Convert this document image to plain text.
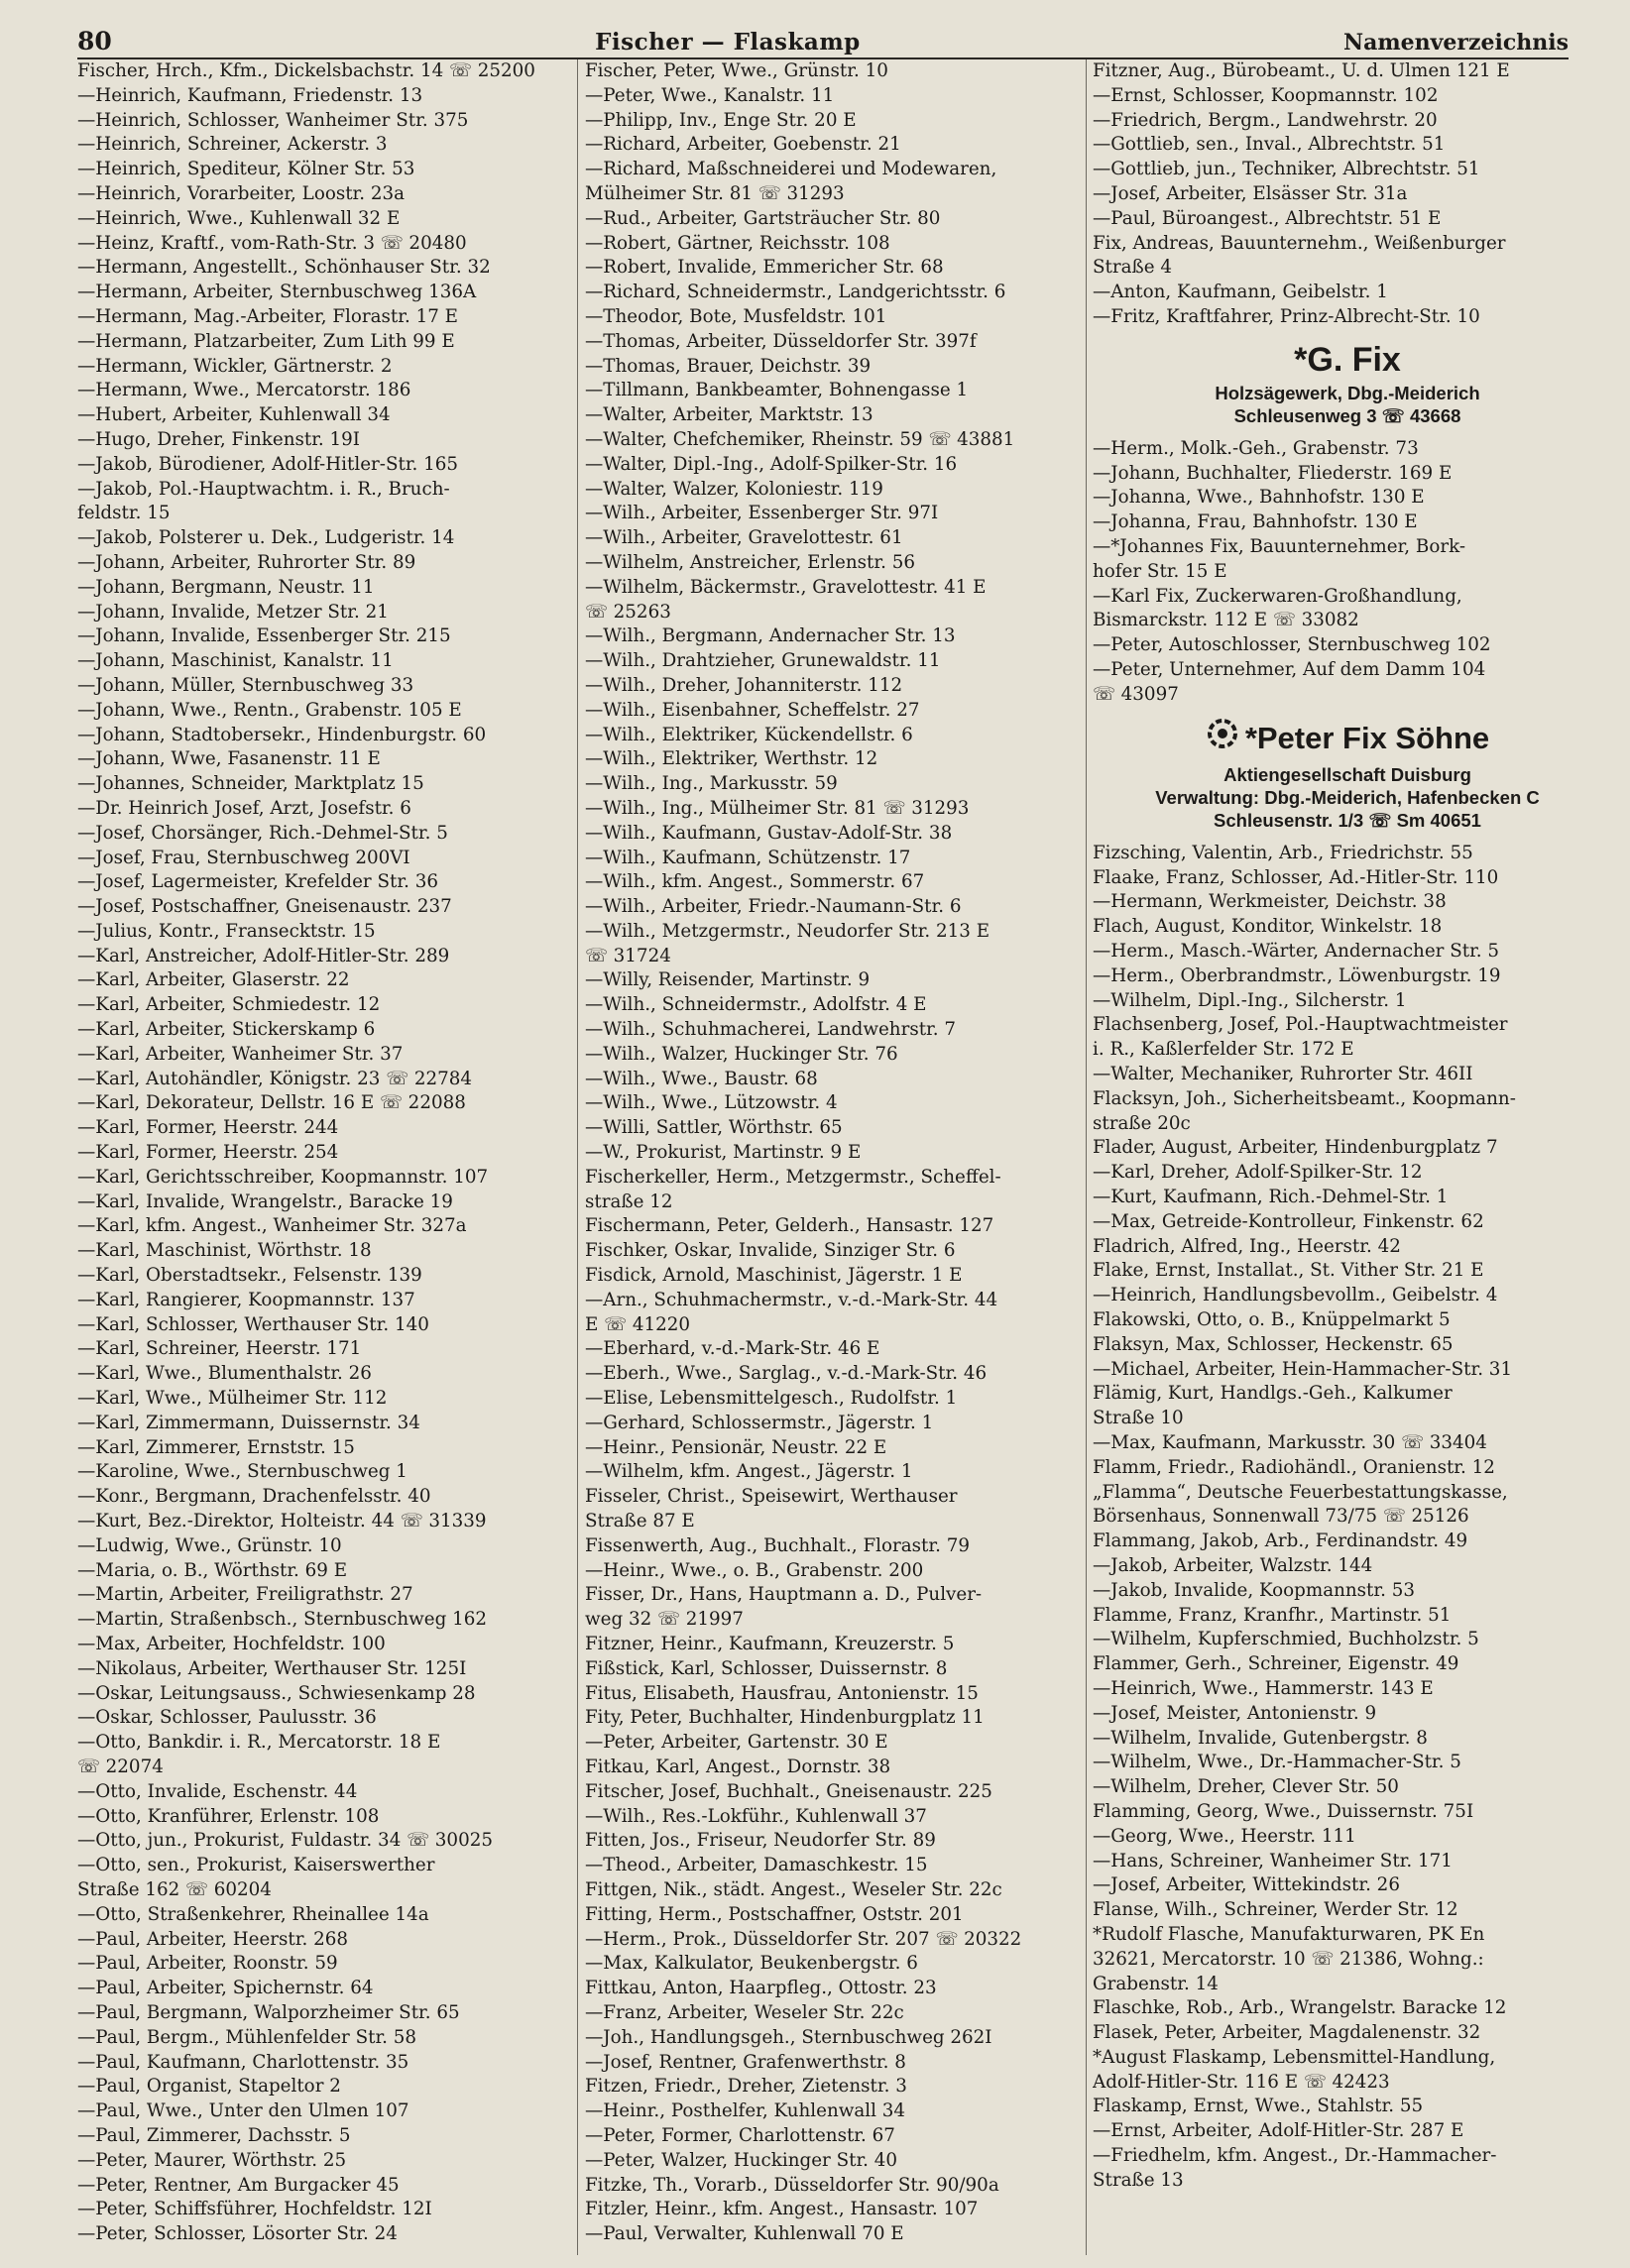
80	Fischer — Flaskamp	Namenverzeichnis
Fischer, Hrch., Kfm., Dickelsbachstr. 14 ☏ 25200
—Heinrich, Kaufmann, Friedenstr. 13
—Heinrich, Schlosser, Wanheimer Str. 375
—Heinrich, Schreiner, Ackerstr. 3
—Heinrich, Spediteur, Kölner Str. 53
—Heinrich, Vorarbeiter, Loostr. 23a
—Heinrich, Wwe., Kuhlenwall 32 E
—Heinz, Kraftf., vom-Rath-Str. 3 ☏ 20480
—Hermann, Angestellt., Schönhauser Str. 32
—Hermann, Arbeiter, Sternbuschweg 136A
—Hermann, Mag.-Arbeiter, Florastr. 17 E
—Hermann, Platzarbeiter, Zum Lith 99 E
—Hermann, Wickler, Gärtnerstr. 2
—Hermann, Wwe., Mercatorstr. 186
—Hubert, Arbeiter, Kuhlenwall 34
—Hugo, Dreher, Finkenstr. 19I
—Jakob, Bürodiener, Adolf-Hitler-Str. 165
—Jakob, Pol.-Hauptwachtm. i. R., Bruch-
feldstr. 15
—Jakob, Polsterer u. Dek., Ludgeristr. 14
—Johann, Arbeiter, Ruhrorter Str. 89
—Johann, Bergmann, Neustr. 11
—Johann, Invalide, Metzer Str. 21
—Johann, Invalide, Essenberger Str. 215
—Johann, Maschinist, Kanalstr. 11
—Johann, Müller, Sternbuschweg 33
—Johann, Wwe., Rentn., Grabenstr. 105 E
—Johann, Stadtobersekr., Hindenburgstr. 60
—Johann, Wwe, Fasanenstr. 11 E
—Johannes, Schneider, Marktplatz 15
—Dr. Heinrich Josef, Arzt, Josefstr. 6
—Josef, Chorsänger, Rich.-Dehmel-Str. 5
—Josef, Frau, Sternbuschweg 200VI
—Josef, Lagermeister, Krefelder Str. 36
—Josef, Postschaffner, Gneisenaustr. 237
—Julius, Kontr., Fransecktstr. 15
—Karl, Anstreicher, Adolf-Hitler-Str. 289
—Karl, Arbeiter, Glaserstr. 22
—Karl, Arbeiter, Schmiedestr. 12
—Karl, Arbeiter, Stickerskamp 6
—Karl, Arbeiter, Wanheimer Str. 37
—Karl, Autohändler, Königstr. 23 ☏ 22784
—Karl, Dekorateur, Dellstr. 16 E ☏ 22088
—Karl, Former, Heerstr. 244
—Karl, Former, Heerstr. 254
—Karl, Gerichtsschreiber, Koopmannstr. 107
—Karl, Invalide, Wrangelstr., Baracke 19
—Karl, kfm. Angest., Wanheimer Str. 327a
—Karl, Maschinist, Wörthstr. 18
—Karl, Oberstadtsekr., Felsenstr. 139
—Karl, Rangierer, Koopmannstr. 137
—Karl, Schlosser, Werthauser Str. 140
—Karl, Schreiner, Heerstr. 171
—Karl, Wwe., Blumenthalstr. 26
—Karl, Wwe., Mülheimer Str. 112
—Karl, Zimmermann, Duissernstr. 34
—Karl, Zimmerer, Ernststr. 15
—Karoline, Wwe., Sternbuschweg 1
—Konr., Bergmann, Drachenfelsstr. 40
—Kurt, Bez.-Direktor, Holteistr. 44 ☏ 31339
—Ludwig, Wwe., Grünstr. 10
—Maria, o. B., Wörthstr. 69 E
—Martin, Arbeiter, Freiligrathstr. 27
—Martin, Straßenbsch., Sternbuschweg 162
—Max, Arbeiter, Hochfeldstr. 100
—Nikolaus, Arbeiter, Werthauser Str. 125I
—Oskar, Leitungsauss., Schwiesenkamp 28
—Oskar, Schlosser, Paulusstr. 36
—Otto, Bankdir. i. R., Mercatorstr. 18 E
☏ 22074
—Otto, Invalide, Eschenstr. 44
—Otto, Kranführer, Erlenstr. 108
—Otto, jun., Prokurist, Fuldastr. 34 ☏ 30025
—Otto, sen., Prokurist, Kaiserswerther
Straße 162 ☏ 60204
—Otto, Straßenkehrer, Rheinallee 14a
—Paul, Arbeiter, Heerstr. 268
—Paul, Arbeiter, Roonstr. 59
—Paul, Arbeiter, Spichernstr. 64
—Paul, Bergmann, Walporzheimer Str. 65
—Paul, Bergm., Mühlenfelder Str. 58
—Paul, Kaufmann, Charlottenstr. 35
—Paul, Organist, Stapeltor 2
—Paul, Wwe., Unter den Ulmen 107
—Paul, Zimmerer, Dachsstr. 5
—Peter, Maurer, Wörthstr. 25
—Peter, Rentner, Am Burgacker 45
—Peter, Schiffsführer, Hochfeldstr. 12I
—Peter, Schlosser, Lösorter Str. 24
Fischer, Peter, Wwe., Grünstr. 10
—Peter, Wwe., Kanalstr. 11
—Philipp, Inv., Enge Str. 20 E
—Richard, Arbeiter, Goebenstr. 21
—Richard, Maßschneiderei und Modewaren,
Mülheimer Str. 81 ☏ 31293
—Rud., Arbeiter, Gartsträucher Str. 80
—Robert, Gärtner, Reichsstr. 108
—Robert, Invalide, Emmericher Str. 68
—Richard, Schneidermstr., Landgerichtsstr. 6
—Theodor, Bote, Musfeldstr. 101
—Thomas, Arbeiter, Düsseldorfer Str. 397f
—Thomas, Brauer, Deichstr. 39
—Tillmann, Bankbeamter, Bohnengasse 1
—Walter, Arbeiter, Marktstr. 13
—Walter, Chefchemiker, Rheinstr. 59 ☏ 43881
—Walter, Dipl.-Ing., Adolf-Spilker-Str. 16
—Walter, Walzer, Koloniestr. 119
—Wilh., Arbeiter, Essenberger Str. 97I
—Wilh., Arbeiter, Gravelottestr. 61
—Wilhelm, Anstreicher, Erlenstr. 56
—Wilhelm, Bäckermstr., Gravelottestr. 41 E
☏ 25263
—Wilh., Bergmann, Andernacher Str. 13
—Wilh., Drahtzieher, Grunewaldstr. 11
—Wilh., Dreher, Johanniterstr. 112
—Wilh., Eisenbahner, Scheffelstr. 27
—Wilh., Elektriker, Kückendellstr. 6
—Wilh., Elektriker, Werthstr. 12
—Wilh., Ing., Markusstr. 59
—Wilh., Ing., Mülheimer Str. 81 ☏ 31293
—Wilh., Kaufmann, Gustav-Adolf-Str. 38
—Wilh., Kaufmann, Schützenstr. 17
—Wilh., kfm. Angest., Sommerstr. 67
—Wilh., Arbeiter, Friedr.-Naumann-Str. 6
—Wilh., Metzgermstr., Neudorfer Str. 213 E
☏ 31724
—Willy, Reisender, Martinstr. 9
—Wilh., Schneidermstr., Adolfstr. 4 E
—Wilh., Schuhmacherei, Landwehrstr. 7
—Wilh., Walzer, Huckinger Str. 76
—Wilh., Wwe., Baustr. 68
—Wilh., Wwe., Lützowstr. 4
—Willi, Sattler, Wörthstr. 65
—W., Prokurist, Martinstr. 9 E
Fischerkeller, Herm., Metzgermstr., Scheffel-
straße 12
Fischermann, Peter, Gelderh., Hansastr. 127
Fischker, Oskar, Invalide, Sinziger Str. 6
Fisdick, Arnold, Maschinist, Jägerstr. 1 E
—Arn., Schuhmachermstr., v.-d.-Mark-Str. 44
E ☏ 41220
—Eberhard, v.-d.-Mark-Str. 46 E
—Eberh., Wwe., Sarglag., v.-d.-Mark-Str. 46
—Elise, Lebensmittelgesch., Rudolfstr. 1
—Gerhard, Schlossermstr., Jägerstr. 1
—Heinr., Pensionär, Neustr. 22 E
—Wilhelm, kfm. Angest., Jägerstr. 1
Fisseler, Christ., Speisewirt, Werthauser
Straße 87 E
Fissenwerth, Aug., Buchhalt., Florastr. 79
—Heinr., Wwe., o. B., Grabenstr. 200
Fisser, Dr., Hans, Hauptmann a. D., Pulver-
weg 32 ☏ 21997
Fitzner, Heinr., Kaufmann, Kreuzerstr. 5
Fißstick, Karl, Schlosser, Duissernstr. 8
Fitus, Elisabeth, Hausfrau, Antonienstr. 15
Fity, Peter, Buchhalter, Hindenburgplatz 11
—Peter, Arbeiter, Gartenstr. 30 E
Fitkau, Karl, Angest., Dornstr. 38
Fitscher, Josef, Buchhalt., Gneisenaustr. 225
—Wilh., Res.-Lokführ., Kuhlenwall 37
Fitten, Jos., Friseur, Neudorfer Str. 89
—Theod., Arbeiter, Damaschkestr. 15
Fittgen, Nik., städt. Angest., Weseler Str. 22c
Fitting, Herm., Postschaffner, Oststr. 201
—Herm., Prok., Düsseldorfer Str. 207 ☏ 20322
—Max, Kalkulator, Beukenbergstr. 6
Fittkau, Anton, Haarpfleg., Ottostr. 23
—Franz, Arbeiter, Weseler Str. 22c
—Joh., Handlungsgeh., Sternbuschweg 262I
—Josef, Rentner, Grafenwerthstr. 8
Fitzen, Friedr., Dreher, Zietenstr. 3
—Heinr., Posthelfer, Kuhlenwall 34
—Peter, Former, Charlottenstr. 67
—Peter, Walzer, Huckinger Str. 40
Fitzke, Th., Vorarb., Düsseldorfer Str. 90/90a
Fitzler, Heinr., kfm. Angest., Hansastr. 107
—Paul, Verwalter, Kuhlenwall 70 E
Fitzner, Aug., Bürobeamt., U. d. Ulmen 121 E
—Ernst, Schlosser, Koopmannstr. 102
—Friedrich, Bergm., Landwehrstr. 20
—Gottlieb, sen., Inval., Albrechtstr. 51
—Gottlieb, jun., Techniker, Albrechtstr. 51
—Josef, Arbeiter, Elsässer Str. 31a
—Paul, Büroangest., Albrechtstr. 51 E
Fix, Andreas, Bauunternehm., Weißenburger
Straße 4
—Anton, Kaufmann, Geibelstr. 1
—Fritz, Kraftfahrer, Prinz-Albrecht-Str. 10
*G. Fix
Holzsägewerk, Dbg.-Meiderich
Schleusenweg 3 ☏ 43668
—Herm., Molk.-Geh., Grabenstr. 73
—Johann, Buchhalter, Fliederstr. 169 E
—Johanna, Wwe., Bahnhofstr. 130 E
—Johanna, Frau, Bahnhofstr. 130 E
—*Johannes Fix, Bauunternehmer, Bork-
hofer Str. 15 E
—Karl Fix, Zuckerwaren-Großhandlung,
Bismarckstr. 112 E ☏ 33082
—Peter, Autoschlosser, Sternbuschweg 102
—Peter, Unternehmer, Auf dem Damm 104
☏ 43097
*Peter Fix Söhne
Aktiengesellschaft Duisburg
Verwaltung: Dbg.-Meiderich, Hafenbecken C
Schleusenstr. 1/3 ☏ Sm 40651
Fizsching, Valentin, Arb., Friedrichstr. 55
Flaake, Franz, Schlosser, Ad.-Hitler-Str. 110
—Hermann, Werkmeister, Deichstr. 38
Flach, August, Konditor, Winkelstr. 18
—Herm., Masch.-Wärter, Andernacher Str. 5
—Herm., Oberbrandmstr., Löwenburgstr. 19
—Wilhelm, Dipl.-Ing., Silcherstr. 1
Flachsenberg, Josef, Pol.-Hauptwachtmeister
i. R., Kaßlerfelder Str. 172 E
—Walter, Mechaniker, Ruhrorter Str. 46II
Flacksyn, Joh., Sicherheitsbeamt., Koopmann-
straße 20c
Flader, August, Arbeiter, Hindenburgplatz 7
—Karl, Dreher, Adolf-Spilker-Str. 12
—Kurt, Kaufmann, Rich.-Dehmel-Str. 1
—Max, Getreide-Kontrolleur, Finkenstr. 62
Fladrich, Alfred, Ing., Heerstr. 42
Flake, Ernst, Installat., St. Vither Str. 21 E
—Heinrich, Handlungsbevollm., Geibelstr. 4
Flakowski, Otto, o. B., Knüppelmarkt 5
Flaksyn, Max, Schlosser, Heckenstr. 65
—Michael, Arbeiter, Hein-Hammacher-Str. 31
Flämig, Kurt, Handlgs.-Geh., Kalkumer
Straße 10
—Max, Kaufmann, Markusstr. 30 ☏ 33404
Flamm, Friedr., Radiohändl., Oranienstr. 12
„Flamma“, Deutsche Feuerbestattungskasse,
Börsenhaus, Sonnenwall 73/75 ☏ 25126
Flammang, Jakob, Arb., Ferdinandstr. 49
—Jakob, Arbeiter, Walzstr. 144
—Jakob, Invalide, Koopmannstr. 53
Flamme, Franz, Kranfhr., Martinstr. 51
—Wilhelm, Kupferschmied, Buchholzstr. 5
Flammer, Gerh., Schreiner, Eigenstr. 49
—Heinrich, Wwe., Hammerstr. 143 E
—Josef, Meister, Antonienstr. 9
—Wilhelm, Invalide, Gutenbergstr. 8
—Wilhelm, Wwe., Dr.-Hammacher-Str. 5
—Wilhelm, Dreher, Clever Str. 50
Flamming, Georg, Wwe., Duissernstr. 75I
—Georg, Wwe., Heerstr. 111
—Hans, Schreiner, Wanheimer Str. 171
—Josef, Arbeiter, Wittekindstr. 26
Flanse, Wilh., Schreiner, Werder Str. 12
*Rudolf Flasche, Manufakturwaren, PK En
32621, Mercatorstr. 10 ☏ 21386, Wohng.:
Grabenstr. 14
Flaschke, Rob., Arb., Wrangelstr. Baracke 12
Flasek, Peter, Arbeiter, Magdalenenstr. 32
*August Flaskamp, Lebensmittel-Handlung,
Adolf-Hitler-Str. 116 E ☏ 42423
Flaskamp, Ernst, Wwe., Stahlstr. 55
—Ernst, Arbeiter, Adolf-Hitler-Str. 287 E
—Friedhelm, kfm. Angest., Dr.-Hammacher-
Straße 13
